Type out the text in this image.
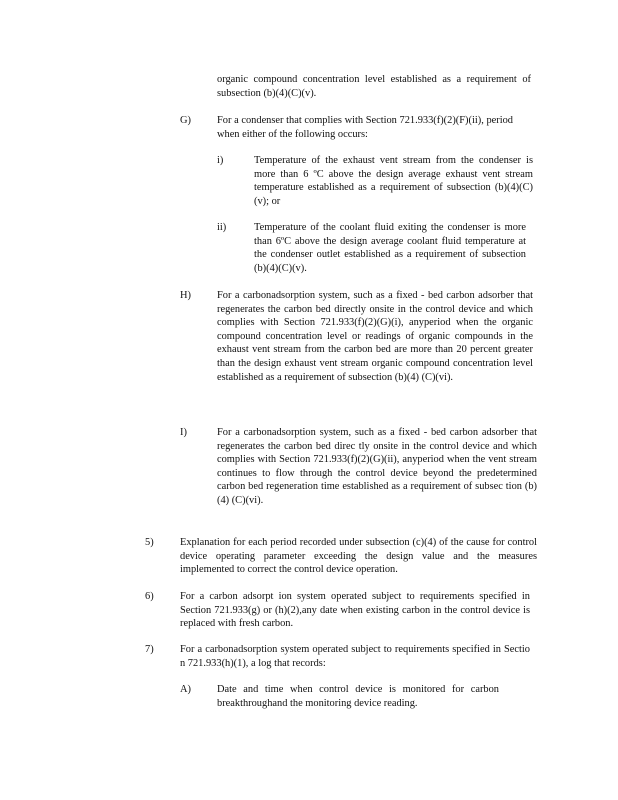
organic compound concentration level established as a requirement of subsection (b)(4)(C)(v).

G)	For a condenser that complies with Section 721.933(f)(2)(F)(ii), period when either of the following occurs:

i)	Temperature of the exhaust vent stream from the condenser is more than 6 ºC above the design average exhaust vent stream temperature established as a requirement of subsection (b)(4)(C)(v); or

ii)	Temperature of the coolant fluid exiting the condenser is more than 6ºC above the design average coolant fluid temperature at the condenser outlet established as a requirement of subsection (b)(4)(C)(v).

H)	For a carbonadsorption system, such as a fixed - bed carbon adsorber that regenerates the carbon bed directly onsite in the control device and which complies with Section 721.933(f)(2)(G)(i), anyperiod when the organic compound concentration level or readings of organic compounds in the exhaust vent stream from the carbon bed are more than 20 percent greater than the design exhaust vent stream organic compound concentration level established as a requirement of subsection (b)(4) (C)(vi).

I)	For a carbonadsorption system, such as a fixed - bed carbon adsorber that regenerates the carbon bed direc tly onsite in the control device and which complies with Section 721.933(f)(2)(G)(ii), anyperiod when the vent stream continues to flow through the control device beyond the predetermined carbon bed regeneration time established as a requirement of subsec tion (b)(4) (C)(vi).

5)	Explanation for each period recorded under subsection (c)(4) of the cause for control device operating parameter exceeding the design value and the measures implemented to correct the control device operation.

6)	For a carbon adsorpt ion system operated subject to requirements specified in Section 721.933(g) or (h)(2),any date when existing carbon in the control device is replaced with fresh carbon.

7)	For a carbonadsorption system operated subject to requirements specified in Sectio n 721.933(h)(1), a log that records:

A)	Date and time when control device is monitored for carbon breakthroughand the monitoring device reading.
